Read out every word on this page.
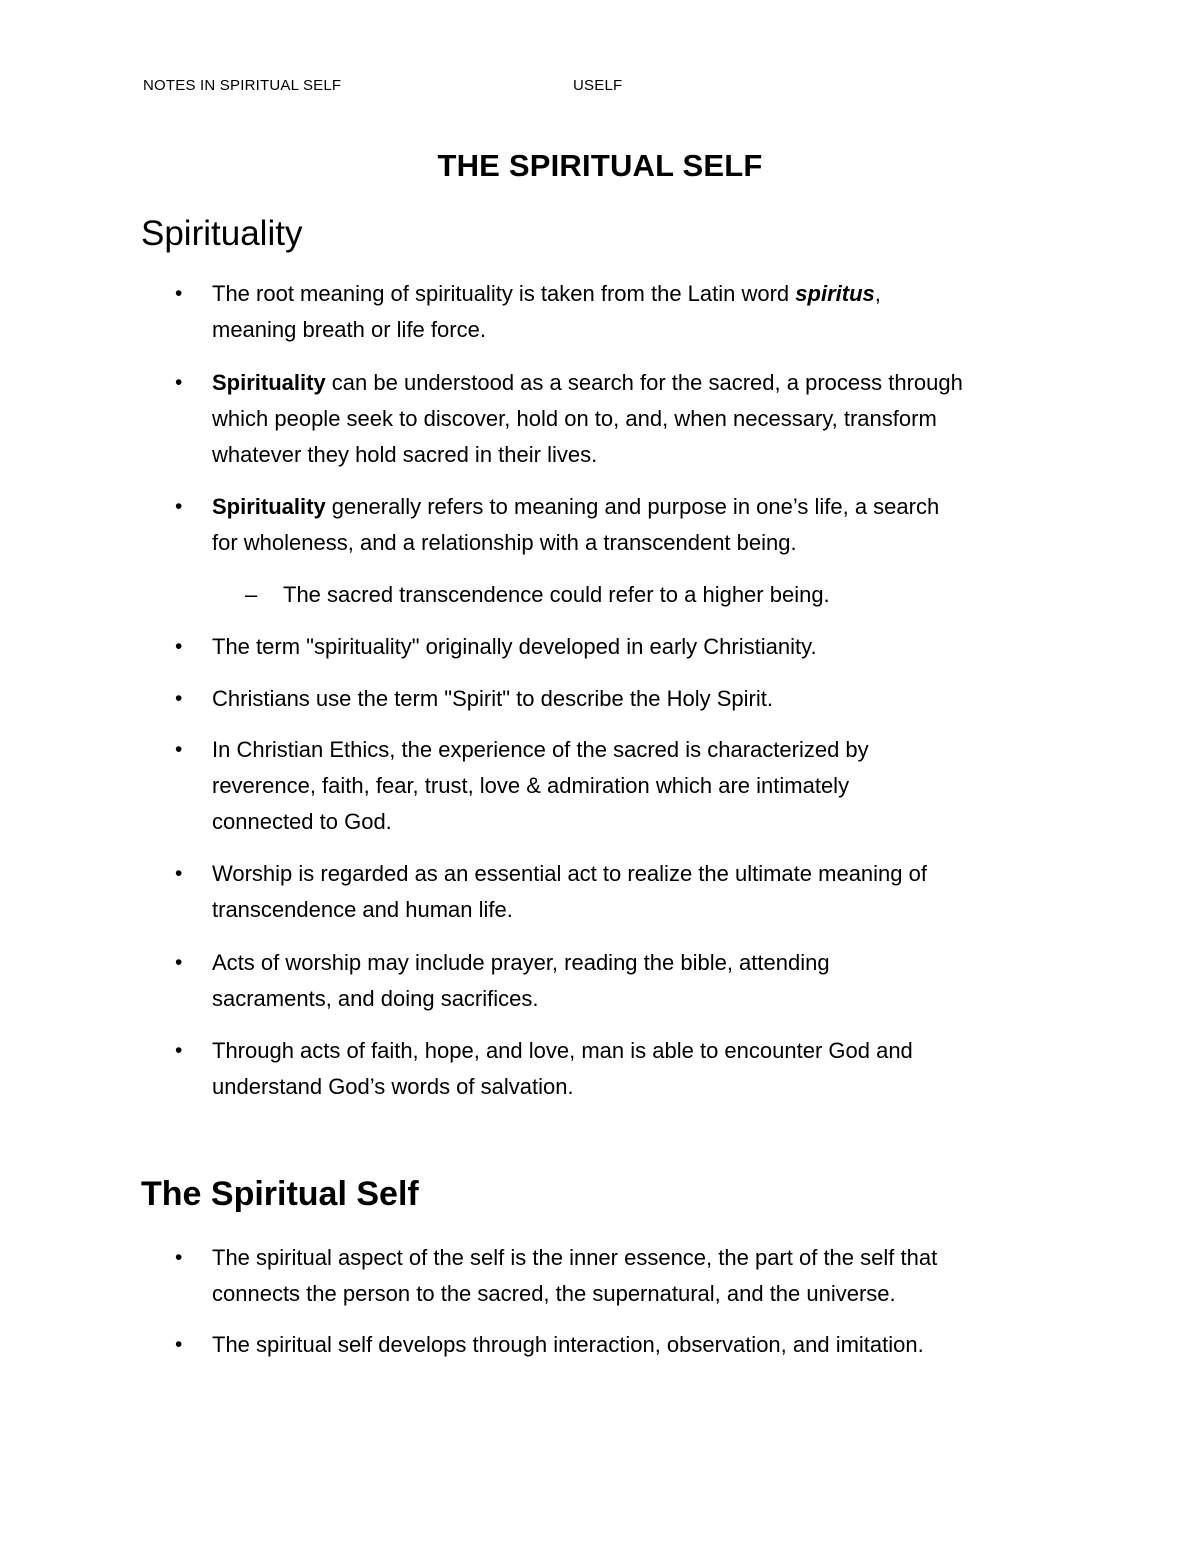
NOTES IN SPIRITUAL SELF	USELF
THE SPIRITUAL SELF
Spirituality
• The root meaning of spirituality is taken from the Latin word spiritus,
meaning breath or life force.
• Spirituality can be understood as a search for the sacred, a process through
which people seek to discover, hold on to, and, when necessary, transform
whatever they hold sacred in their lives.
• Spirituality generally refers to meaning and purpose in one’s life, a search
for wholeness, and a relationship with a transcendent being.
– The sacred transcendence could refer to a higher being.
• The term "spirituality" originally developed in early Christianity.
• Christians use the term "Spirit" to describe the Holy Spirit.
• In Christian Ethics, the experience of the sacred is characterized by
reverence, faith, fear, trust, love & admiration which are intimately
connected to God.
• Worship is regarded as an essential act to realize the ultimate meaning of
transcendence and human life.
• Acts of worship may include prayer, reading the bible, attending
sacraments, and doing sacrifices.
• Through acts of faith, hope, and love, man is able to encounter God and
understand God’s words of salvation.
The Spiritual Self
• The spiritual aspect of the self is the inner essence, the part of the self that
connects the person to the sacred, the supernatural, and the universe.
• The spiritual self develops through interaction, observation, and imitation.
